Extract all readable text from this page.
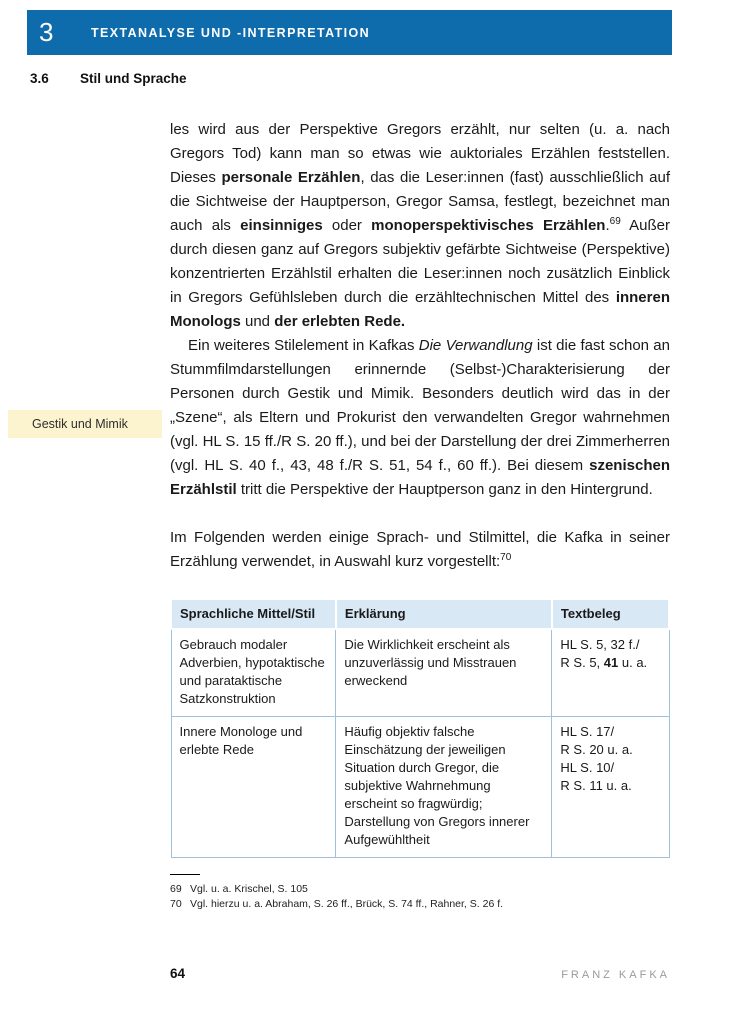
3	TEXTANALYSE UND -INTERPRETATION
3.6	Stil und Sprache
Gestik und Mimik

les wird aus der Perspektive Gregors erzählt, nur selten (u. a. nach Gregors Tod) kann man so etwas wie auktoriales Erzählen feststellen. Dieses personale Erzählen, das die Leser:innen (fast) ausschließlich auf die Sichtweise der Hauptperson, Gregor Samsa, festlegt, bezeichnet man auch als einsinniges oder monoperspektivisches Erzählen.$^{69}$ Außer durch diesen ganz auf Gregors subjektiv gefärbte Sichtweise (Perspektive) konzentrierten Erzählstil erhalten die Leser:innen noch zusätzlich Einblick in Gregors Gefühlsleben durch die erzähltechnischen Mittel des inneren Monologs und der erlebten Rede.

Ein weiteres Stilelement in Kafkas Die Verwandlung ist die fast schon an Stummfilmdarstellungen erinnernde (Selbst-)Charakterisierung der Personen durch Gestik und Mimik. Besonders deutlich wird das in der „Szene“, als Eltern und Prokurist den verwandelten Gregor wahrnehmen (vgl. HL S. 15 ff./R S. 20 ff.), und bei der Darstellung der drei Zimmerherren (vgl. HL S. 40 f., 43, 48 f./R S. 51, 54 f., 60 ff.). Bei diesem szenischen Erzählstil tritt die Perspektive der Hauptperson ganz in den Hintergrund.

Im Folgenden werden einige Sprach- und Stilmittel, die Kafka in seiner Erzählung verwendet, in Auswahl kurz vorgestellt:$^{70}$

Sprachliche Mittel/Stil	Erklärung	Textbeleg
Gebrauch modaler Adverbien, hypotaktische und parataktische Satzkonstruktion	Die Wirklichkeit erscheint als unzuverlässig und Misstrauen erweckend	HL S. 5, 32 f./
R S. 5, 41 u. a.
Innere Monologe und erlebte Rede	Häufig objektiv falsche Einschätzung der jeweiligen Situation durch Gregor, die subjektive Wahrnehmung erscheint so fragwürdig; Darstellung von Gregors innerer Aufgewühltheit	HL S. 17/
R S. 20 u. a.
HL S. 10/
R S. 11 u. a.
69 Vgl. u. a. Krischel, S. 105
70 Vgl. hierzu u. a. Abraham, S. 26 ff., Brück, S. 74 ff., Rahner, S. 26 f.
64	FRANZ KAFKA
